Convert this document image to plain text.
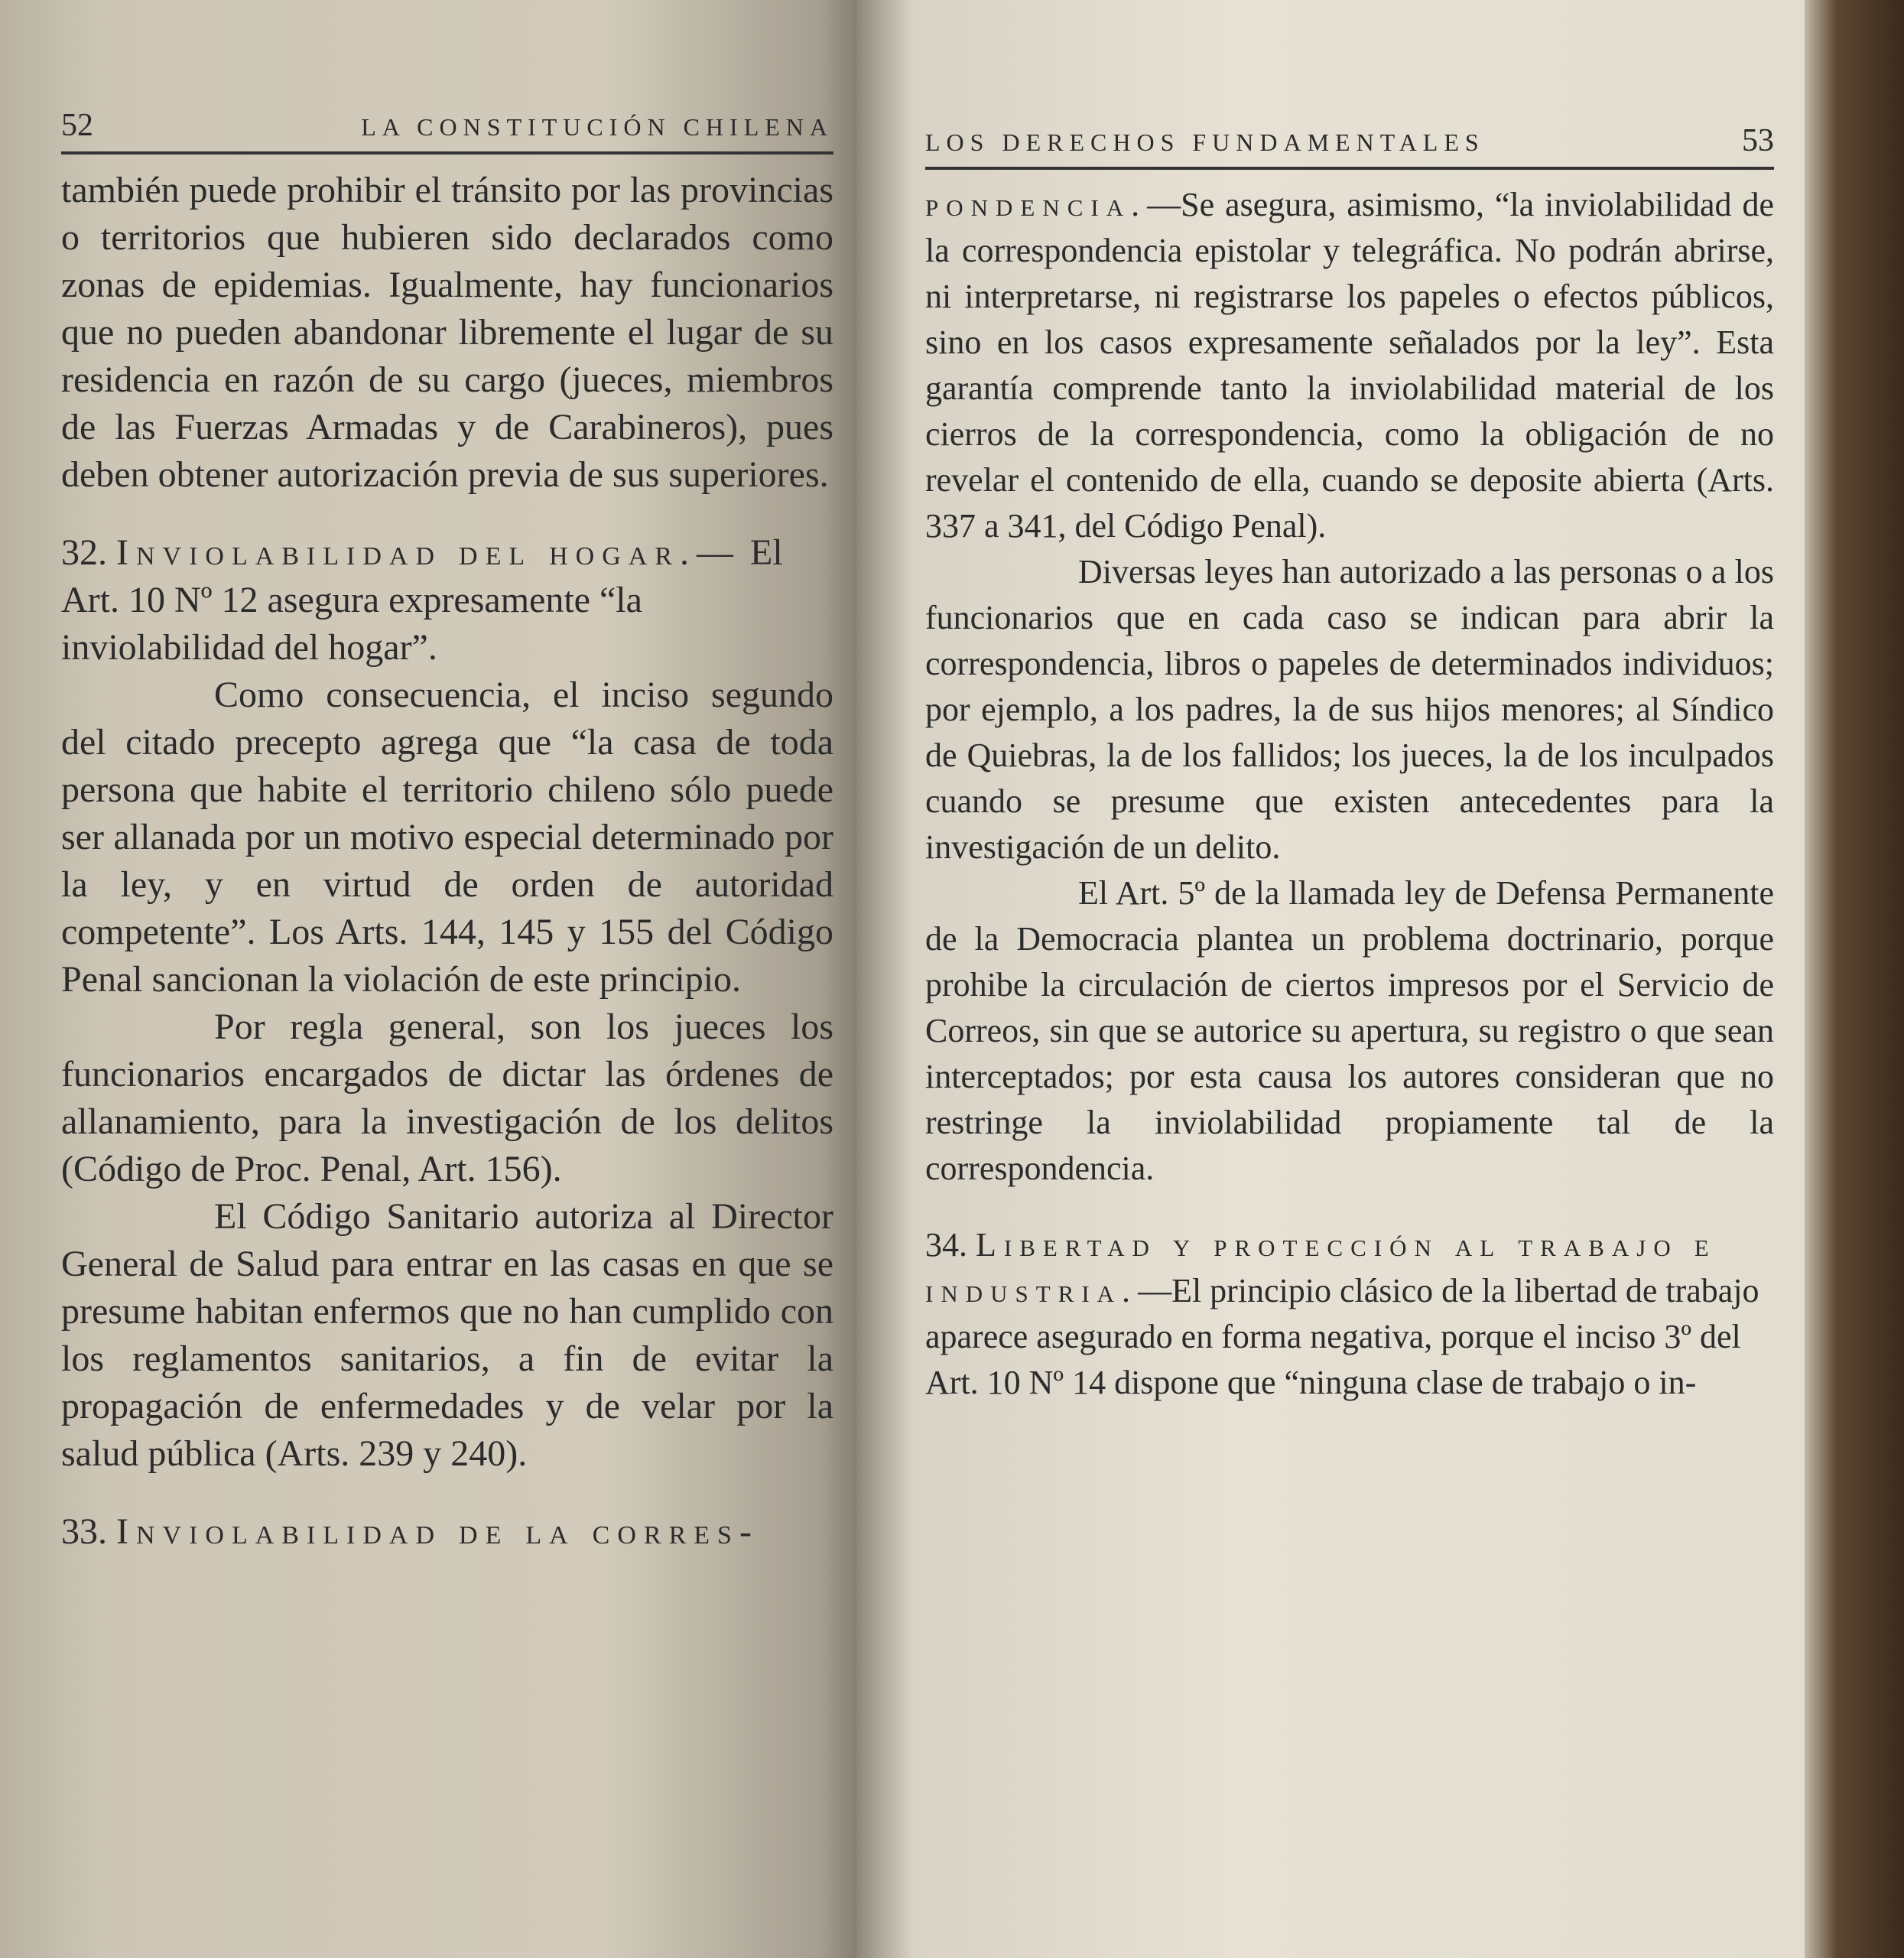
52	LA CONSTITUCIÓN CHILENA

también puede prohibir el tránsito por las provincias o territorios que hubieren sido declarados como zonas de epidemias. Igualmente, hay funcionarios que no pueden abandonar libremente el lugar de su residencia en razón de su cargo (jueces, miembros de las Fuerzas Armadas y de Carabineros), pues deben obtener autorización previa de sus superiores.

32. Inviolabilidad del hogar.— El Art. 10 Nº 12 asegura expresamente “la inviolabilidad del hogar”.

Como consecuencia, el inciso segundo del citado precepto agrega que “la casa de toda persona que habite el territorio chileno sólo puede ser allanada por un motivo especial determinado por la ley, y en virtud de orden de autoridad competente”. Los Arts. 144, 145 y 155 del Código Penal sancionan la violación de este principio.

Por regla general, son los jueces los funcionarios encargados de dictar las órdenes de allanamiento, para la investigación de los delitos (Código de Proc. Penal, Art. 156).

El Código Sanitario autoriza al Director General de Salud para entrar en las casas en que se presume habitan enfermos que no han cumplido con los reglamentos sanitarios, a fin de evitar la propagación de enfermedades y de velar por la salud pública (Arts. 239 y 240).

33. Inviolabilidad de la corres-

LOS DERECHOS FUNDAMENTALES	53

pondencia.—Se asegura, asimismo, “la inviolabilidad de la correspondencia epistolar y telegráfica. No podrán abrirse, ni interpretarse, ni registrarse los papeles o efectos públicos, sino en los casos expresamente señalados por la ley”. Esta garantía comprende tanto la inviolabilidad material de los cierros de la correspondencia, como la obligación de no revelar el contenido de ella, cuando se deposite abierta (Arts. 337 a 341, del Código Penal).

Diversas leyes han autorizado a las personas o a los funcionarios que en cada caso se indican para abrir la correspondencia, libros o papeles de determinados individuos; por ejemplo, a los padres, la de sus hijos menores; al Síndico de Quiebras, la de los fallidos; los jueces, la de los inculpados cuando se presume que existen antecedentes para la investigación de un delito.

El Art. 5º de la llamada ley de Defensa Permanente de la Democracia plantea un problema doctrinario, porque prohibe la circulación de ciertos impresos por el Servicio de Correos, sin que se autorice su apertura, su registro o que sean interceptados; por esta causa los autores consideran que no restringe la inviolabilidad propiamente tal de la correspondencia.

34. Libertad y protección al trabajo e industria.—El principio clásico de la libertad de trabajo aparece asegurado en forma negativa, porque el inciso 3º del Art. 10 Nº 14 dispone que “ninguna clase de trabajo o in-
